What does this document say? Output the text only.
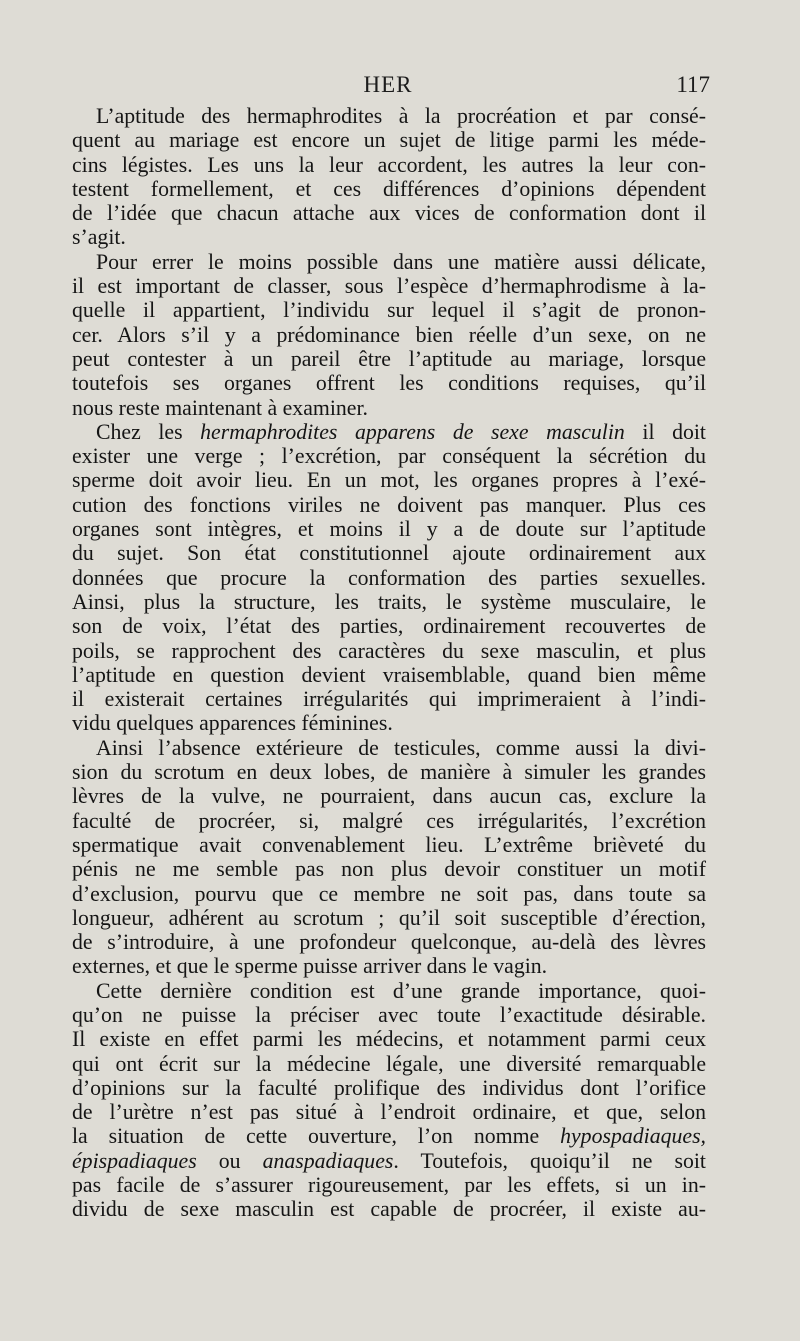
HER	117
L’aptitude des hermaphrodites à la procréation et par consé-
quent au mariage est encore un sujet de litige parmi les méde-
cins légistes. Les uns la leur accordent, les autres la leur con-
testent formellement, et ces différences d’opinions dépendent
de l’idée que chacun attache aux vices de conformation dont il
s’agit.
Pour errer le moins possible dans une matière aussi délicate,
il est important de classer, sous l’espèce d’hermaphrodisme à la-
quelle il appartient, l’individu sur lequel il s’agit de pronon-
cer. Alors s’il y a prédominance bien réelle d’un sexe, on ne
peut contester à un pareil être l’aptitude au mariage, lorsque
toutefois ses organes offrent les conditions requises, qu’il
nous reste maintenant à examiner.
Chez les hermaphrodites apparens de sexe masculin il doit
exister une verge ; l’excrétion, par conséquent la sécrétion du
sperme doit avoir lieu. En un mot, les organes propres à l’exé-
cution des fonctions viriles ne doivent pas manquer. Plus ces
organes sont intègres, et moins il y a de doute sur l’aptitude
du sujet. Son état constitutionnel ajoute ordinairement aux
données que procure la conformation des parties sexuelles.
Ainsi, plus la structure, les traits, le système musculaire, le
son de voix, l’état des parties, ordinairement recouvertes de
poils, se rapprochent des caractères du sexe masculin, et plus
l’aptitude en question devient vraisemblable, quand bien même
il existerait certaines irrégularités qui imprimeraient à l’indi-
vidu quelques apparences féminines.
Ainsi l’absence extérieure de testicules, comme aussi la divi-
sion du scrotum en deux lobes, de manière à simuler les grandes
lèvres de la vulve, ne pourraient, dans aucun cas, exclure la
faculté de procréer, si, malgré ces irrégularités, l’excrétion
spermatique avait convenablement lieu. L’extrême brièveté du
pénis ne me semble pas non plus devoir constituer un motif
d’exclusion, pourvu que ce membre ne soit pas, dans toute sa
longueur, adhérent au scrotum ; qu’il soit susceptible d’érection,
de s’introduire, à une profondeur quelconque, au-delà des lèvres
externes, et que le sperme puisse arriver dans le vagin.
Cette dernière condition est d’une grande importance, quoi-
qu’on ne puisse la préciser avec toute l’exactitude désirable.
Il existe en effet parmi les médecins, et notamment parmi ceux
qui ont écrit sur la médecine légale, une diversité remarquable
d’opinions sur la faculté prolifique des individus dont l’orifice
de l’urètre n’est pas situé à l’endroit ordinaire, et que, selon
la situation de cette ouverture, l’on nomme hypospadiaques,
épispadiaques ou anaspadiaques. Toutefois, quoiqu’il ne soit
pas facile de s’assurer rigoureusement, par les effets, si un in-
dividu de sexe masculin est capable de procréer, il existe au-
